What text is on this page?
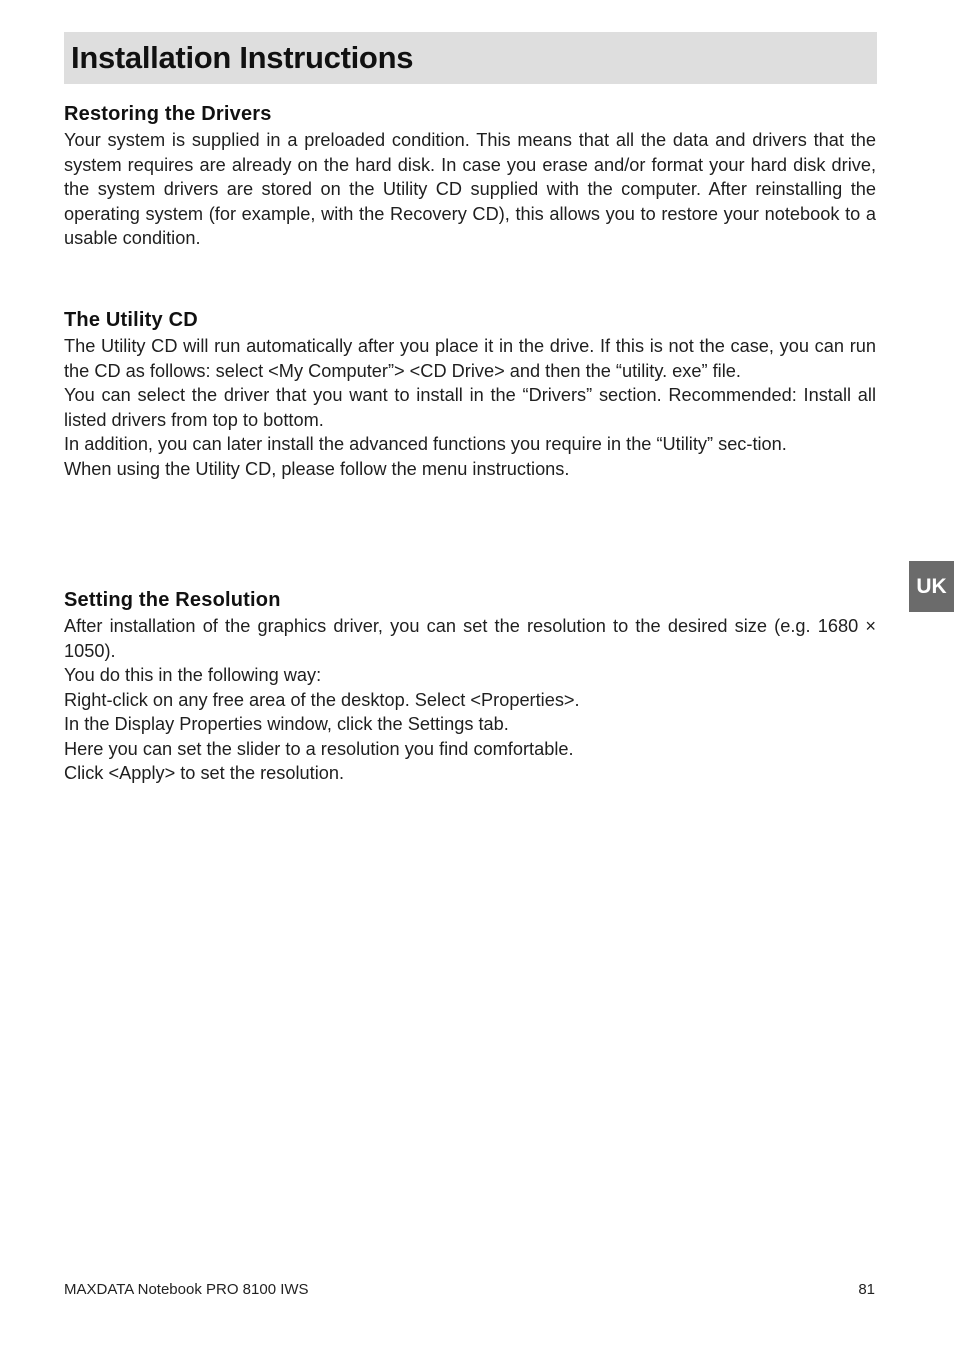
Installation Instructions
Restoring the Drivers

Your system is supplied in a preloaded condition. This means that all the data and drivers that the system requires are already on the hard disk. In case you erase and/or format your hard disk drive, the system drivers are stored on the Utility CD supplied with the computer. After reinstalling the operating system (for example, with the Recovery CD), this allows you to restore your notebook to a usable condition.

The Utility CD

The Utility CD will run automatically after you place it in the drive. If this is not the case, you can run the CD as follows: select <My Computer”> <CD Drive> and then the “utility. exe” file.

You can select the driver that you want to install in the “Drivers” section. Recommended: Install all listed drivers from top to bottom.

In addition, you can later install the advanced functions you require in the “Utility” sec-tion.

When using the Utility CD, please follow the menu instructions.

Setting the Resolution

After installation of the graphics driver, you can set the resolution to the desired size (e.g. 1680 × 1050).

You do this in the following way:

Right-click on any free area of the desktop. Select <Properties>.

In the Display Properties window, click the Settings tab.

Here you can set the slider to a resolution you find comfortable.

Click <Apply> to set the resolution.

UK
MAXDATA Notebook PRO 8100 IWS	81
